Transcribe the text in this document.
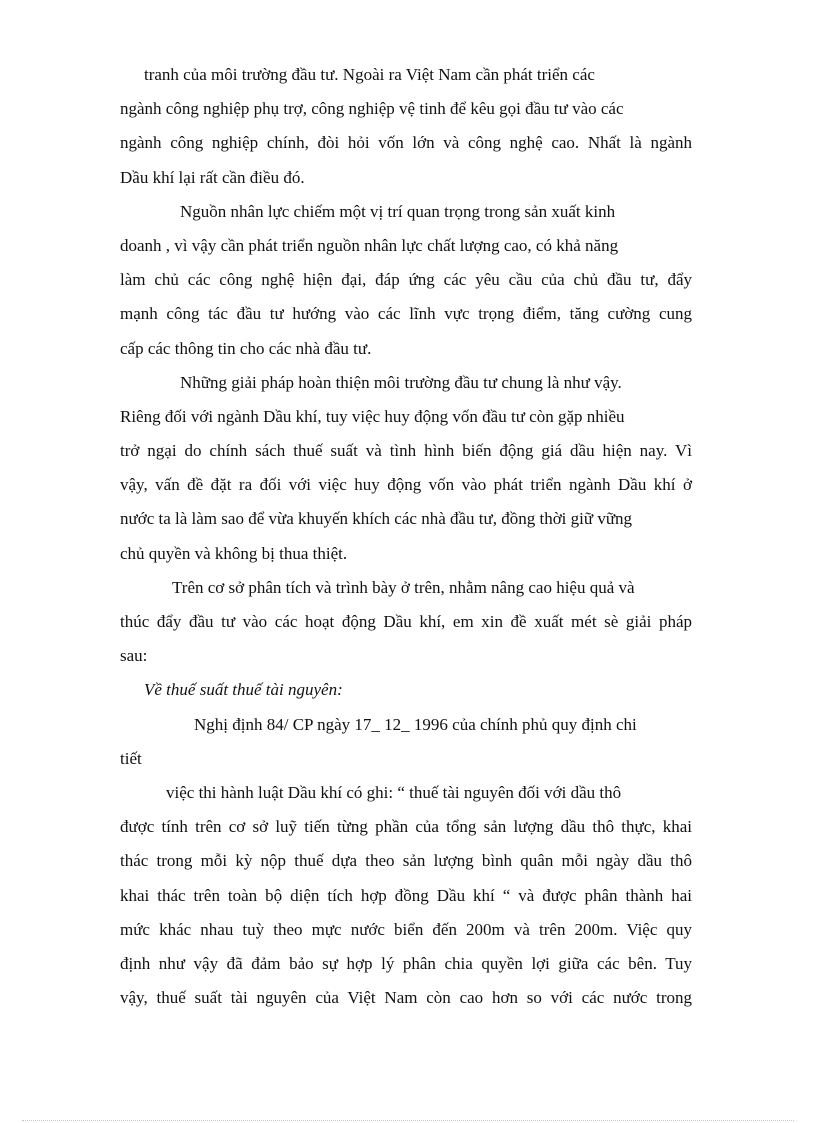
tranh của môi trường đầu tư. Ngoài ra Việt Nam cần phát triển các
ngành công nghiệp phụ trợ, công nghiệp vệ tinh để kêu gọi đầu tư vào các
ngành công nghiệp chính, đòi hỏi vốn lớn và công nghệ cao. Nhất là ngành
Dầu khí lại rất cần điều đó.
Nguồn nhân lực chiếm một vị trí quan trọng trong sản xuất kinh
doanh , vì vậy cần phát triển nguồn nhân lực chất lượng cao, có khả năng
làm chủ các công nghệ hiện đại, đáp ứng các yêu cầu của chủ đầu tư, đẩy
mạnh công tác đầu tư hướng vào các lĩnh vực trọng điểm, tăng cường cung
cấp các thông tin cho các nhà đầu tư.
Những giải pháp hoàn thiện môi trường đầu tư chung là như vậy.
Riêng đối với ngành Dầu khí, tuy việc huy động vốn đầu tư còn gặp nhiều
trở ngại do chính sách thuế suất và tình hình biến động giá dầu hiện nay. Vì
vậy, vấn đề đặt ra đối với việc huy động vốn vào phát triển ngành Dầu khí ở
nước ta là làm sao để vừa khuyến khích các nhà đầu tư, đồng thời giữ vững
chủ quyền và không bị thua thiệt.
Trên cơ sở phân tích và trình bày ở trên, nhằm nâng cao hiệu quả và
thúc đẩy đầu tư vào các hoạt động Dầu khí, em xin đề xuất mét sè giải pháp
sau:
Về thuế suất thuế tài nguyên:
Nghị định 84/ CP ngày 17_ 12_ 1996 của chính phủ quy định chi
tiết
việc thi hành luật Dầu khí có ghi: “ thuế tài nguyên đối với dầu thô
được tính trên cơ sở luỹ tiến từng phần của tổng sản lượng dầu thô thực, khai
thác trong mỗi kỳ nộp thuế dựa theo sản lượng bình quân mỗi ngày dầu thô
khai thác trên toàn bộ diện tích hợp đồng Dầu khí “ và được phân thành hai
mức khác nhau tuỳ theo mực nước biển đến 200m và trên 200m. Việc quy
định như vậy đã đảm bảo sự hợp lý phân chia quyền lợi giữa các bên. Tuy
vậy, thuế suất tài nguyên của Việt Nam còn cao hơn so với các nước trong
